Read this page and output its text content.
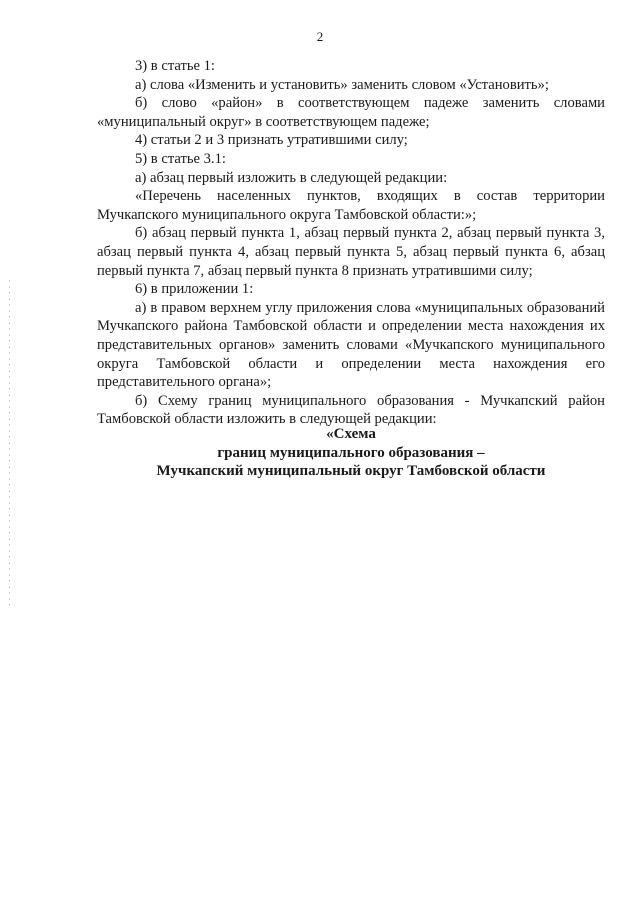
2

3) в статье 1:

а) слова «Изменить и установить» заменить словом «Установить»;

б) слово «район» в соответствующем падеже заменить словами «муниципальный округ» в соответствующем падеже;

4) статьи 2 и 3 признать утратившими силу;

5) в статье 3.1:

а) абзац первый изложить в следующей редакции:

«Перечень населенных пунктов, входящих в состав территории Мучкапского муниципального округа Тамбовской области:»;

б) абзац первый пункта 1, абзац первый пункта 2, абзац первый пункта 3, абзац первый пункта 4, абзац первый пункта 5, абзац первый пункта 6, абзац первый пункта 7, абзац первый пункта 8 признать утратившими силу;

6) в приложении 1:

а) в правом верхнем углу приложения слова «муниципальных образований Мучкапского района Тамбовской области и определении места нахождения их представительных органов» заменить словами «Мучкапского муниципального округа Тамбовской области и определении места нахождения его представительного органа»;

б) Схему границ муниципального образования - Мучкапский район Тамбовской области изложить в следующей редакции:

«Схема
границ муниципального образования –
Мучкапский муниципальный округ Тамбовской области
